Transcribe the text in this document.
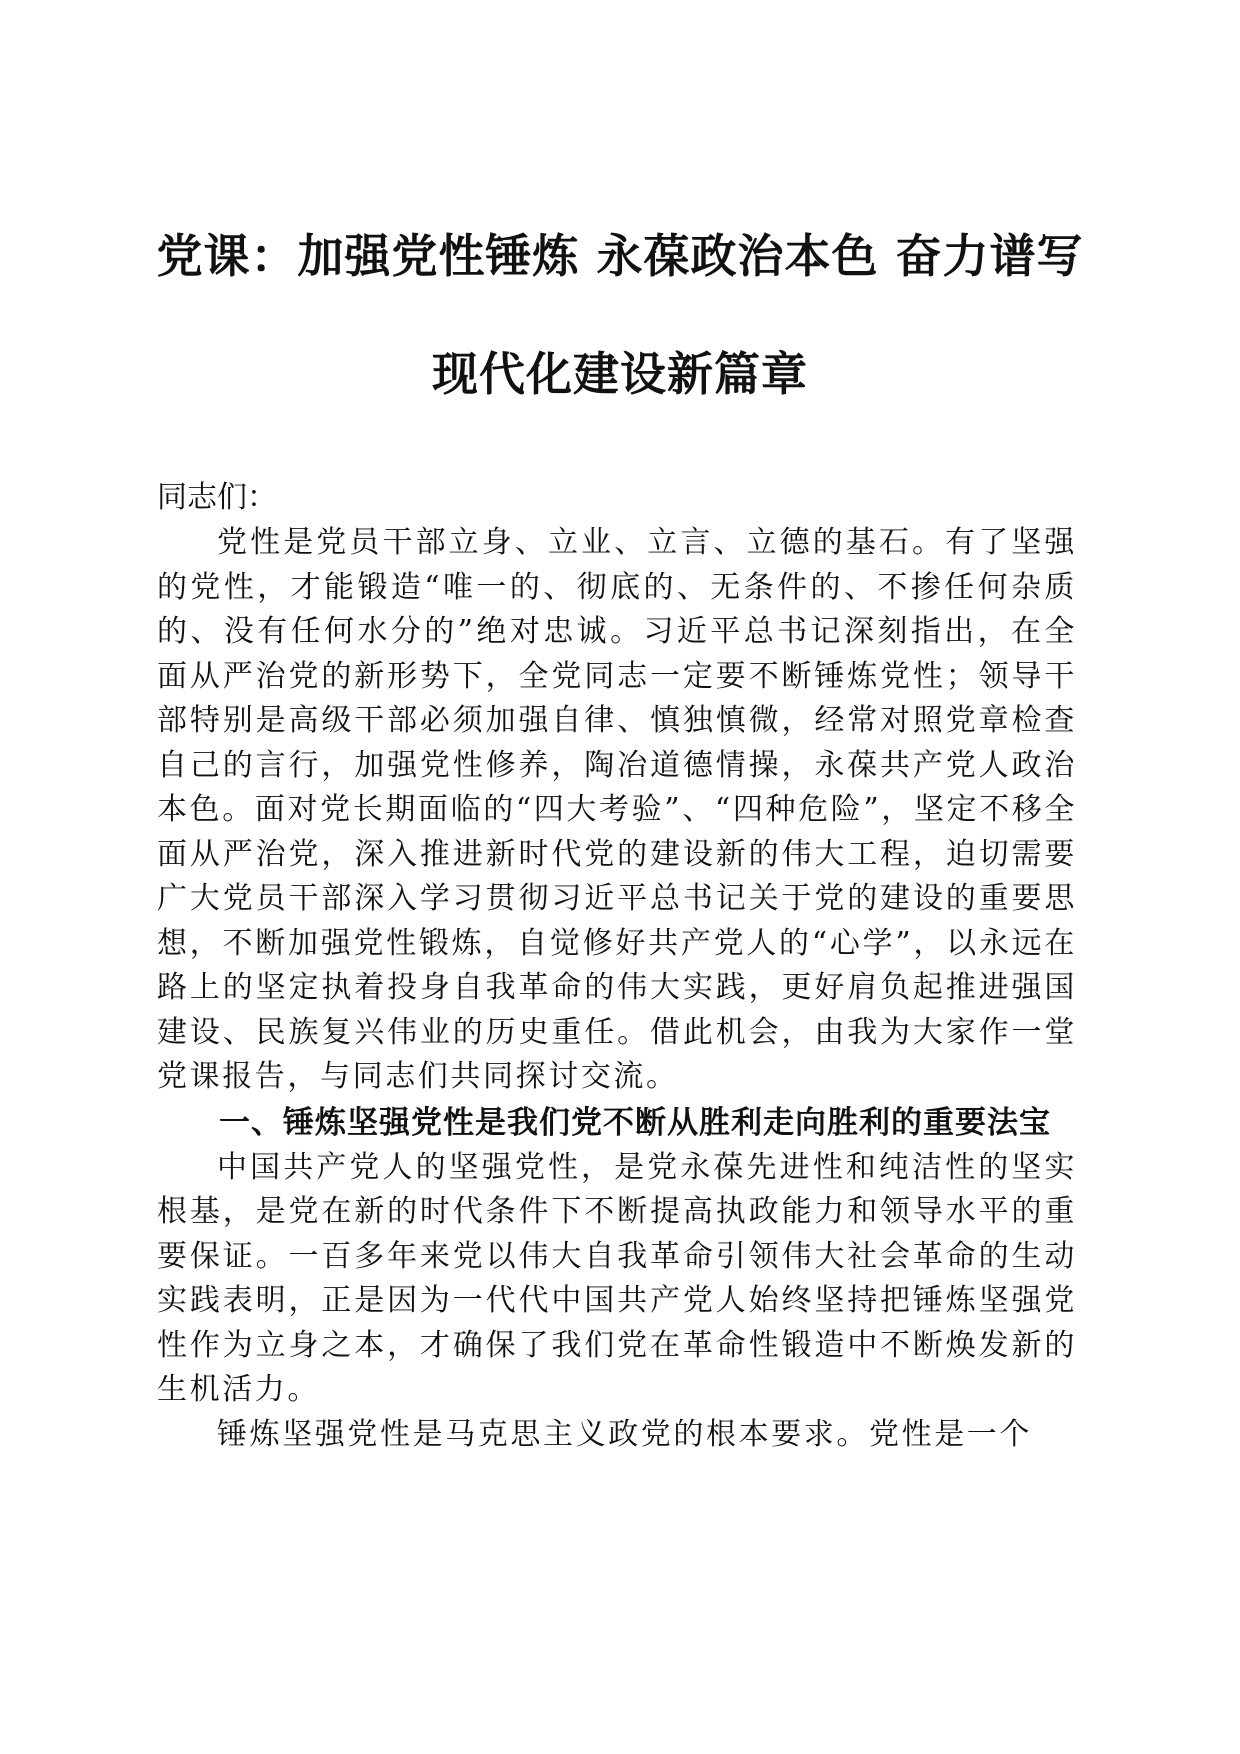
党课：加强党性锤炼 永葆政治本色 奋力谱写
现代化建设新篇章

同志们：

党性是党员干部立身、立业、立言、立德的基石。有了坚强的党性，才能锻造“唯一的、彻底的、无条件的、不掺任何杂质的、没有任何水分的”绝对忠诚。习近平总书记深刻指出，在全面从严治党的新形势下，全党同志一定要不断锤炼党性；领导干部特别是高级干部必须加强自律、慎独慎微，经常对照党章检查自己的言行，加强党性修养，陶冶道德情操，永葆共产党人政治本色。面对党长期面临的“四大考验”、“四种危险”，坚定不移全面从严治党，深入推进新时代党的建设新的伟大工程，迫切需要广大党员干部深入学习贯彻习近平总书记关于党的建设的重要思想，不断加强党性锻炼，自觉修好共产党人的“心学”，以永远在路上的坚定执着投身自我革命的伟大实践，更好肩负起推进强国建设、民族复兴伟业的历史重任。借此机会，由我为大家作一堂党课报告，与同志们共同探讨交流。

一、锤炼坚强党性是我们党不断从胜利走向胜利的重要法宝

中国共产党人的坚强党性，是党永葆先进性和纯洁性的坚实根基，是党在新的时代条件下不断提高执政能力和领导水平的重要保证。一百多年来党以伟大自我革命引领伟大社会革命的生动实践表明，正是因为一代代中国共产党人始终坚持把锤炼坚强党性作为立身之本，才确保了我们党在革命性锻造中不断焕发新的生机活力。

锤炼坚强党性是马克思主义政党的根本要求。党性是一个
